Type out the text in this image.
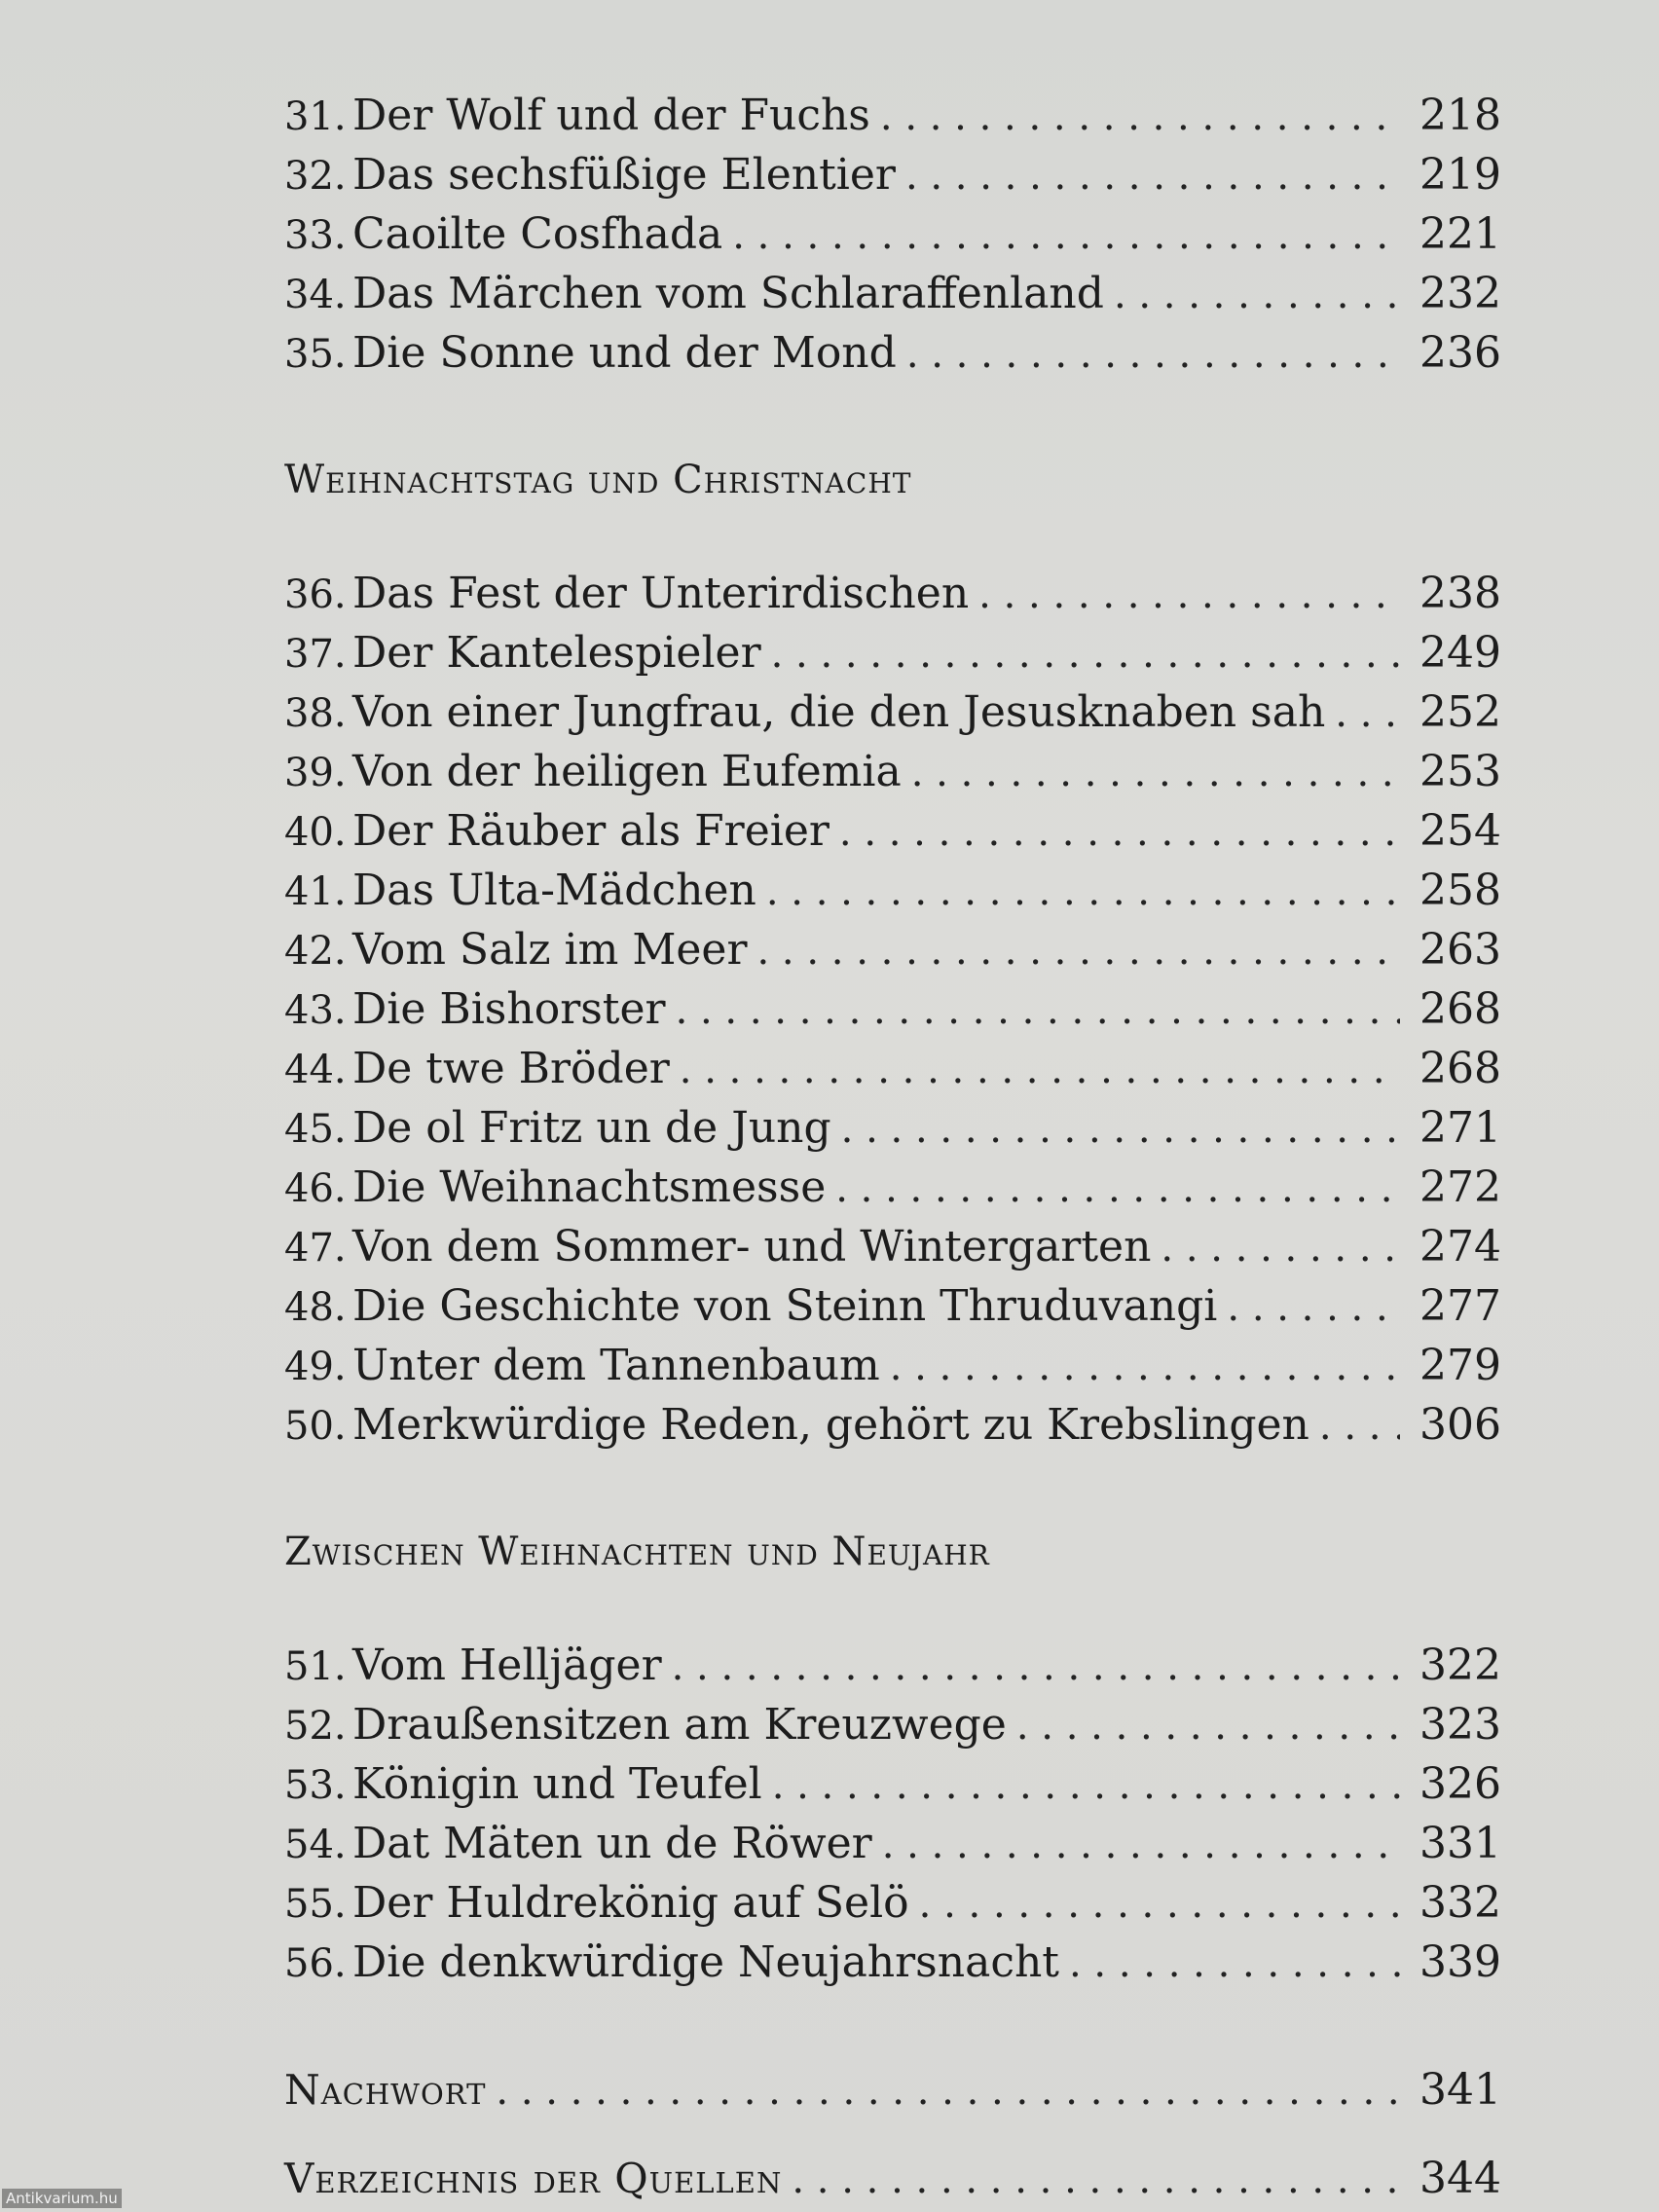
31. Der Wolf und der Fuchs . . .	218
32. Das sechsfüßige Elentier . . .	219
33. Caoilte Cosfhada . . .	221
34. Das Märchen vom Schlaraffenland . . .	232
35. Die Sonne und der Mond . . .	236
Weihnachtstag und Christnacht
36. Das Fest der Unterirdischen . . .	238
37. Der Kantelespieler . . .	249
38. Von einer Jungfrau, die den Jesusknaben sah . . . 252
39. Von der heiligen Eufemia . . .	253
40. Der Räuber als Freier . . .	254
41. Das Ulta-Mädchen . . .	258
42. Vom Salz im Meer . . .	263
43. Die Bishorster . . .	268
44. De twe Bröder . . .	268
45. De ol Fritz un de Jung . . .	271
46. Die Weihnachtsmesse . . .	272
47. Von dem Sommer- und Wintergarten . . .	274
48. Die Geschichte von Steinn Thruduvangi . . .	277
49. Unter dem Tannenbaum . . .	279
50. Merkwürdige Reden, gehört zu Krebslingen . . .	306
Zwischen Weihnachten und Neujahr
51. Vom Helljäger . . .	322
52. Draußensitzen am Kreuzwege . . .	323
53. Königin und Teufel . . .	326
54. Dat Mäten un de Röwer . . .	331
55. Der Huldrekönig auf Selö . . .	332
56. Die denkwürdige Neujahrsnacht . . .	339
Nachwort . . .	341
Verzeichnis der Quellen . . .	344
Antikvarium.hu
